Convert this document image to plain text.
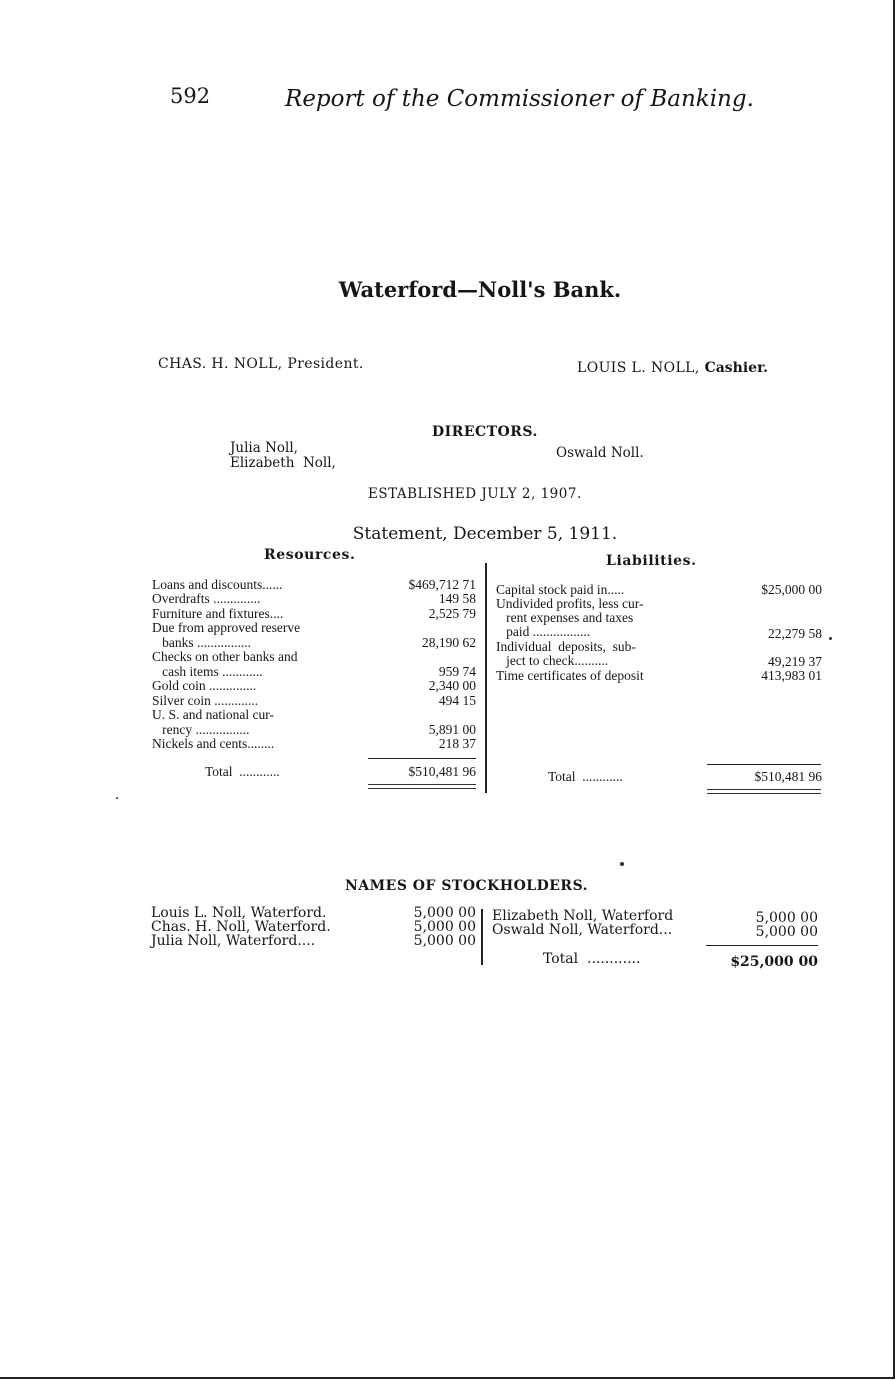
592	Report of the Commissioner of Banking.
Waterford—Noll's Bank.
CHAS. H. NOLL, President.	LOUIS L. NOLL, Cashier.
DIRECTORS.
Julia Noll,
Elizabeth  Noll,
Oswald Noll.
ESTABLISHED JULY 2, 1907.
Statement, December 5, 1911.
Resources.	Liabilities.
Loans and discounts......	$469,712 71
Overdrafts ..............	149 58
Furniture and fixtures....	2,525 79
Due from approved reserve
banks ................	28,190 62
Checks on other banks and
cash items ............	959 74
Gold coin ..............	2,340 00
Silver coin .............	494 15
U. S. and national cur-
rency ................	5,891 00
Nickels and cents........	218 37
Total  ............	$510,481 96
Capital stock paid in.....	$25,000 00
Undivided profits, less cur-
rent expenses and taxes
paid .................	22,279 58
Individual  deposits,  sub-
ject to check..........	49,219 37
Time certificates of deposit	413,983 01
Total  ............	$510,481 96
NAMES OF STOCKHOLDERS.
Louis L. Noll, Waterford.	5,000 00
Chas. H. Noll, Waterford.	5,000 00
Julia Noll, Waterford....	5,000 00
Elizabeth Noll, Waterford	5,000 00
Oswald Noll, Waterford...	5,000 00
Total  ............	$25,000 00
